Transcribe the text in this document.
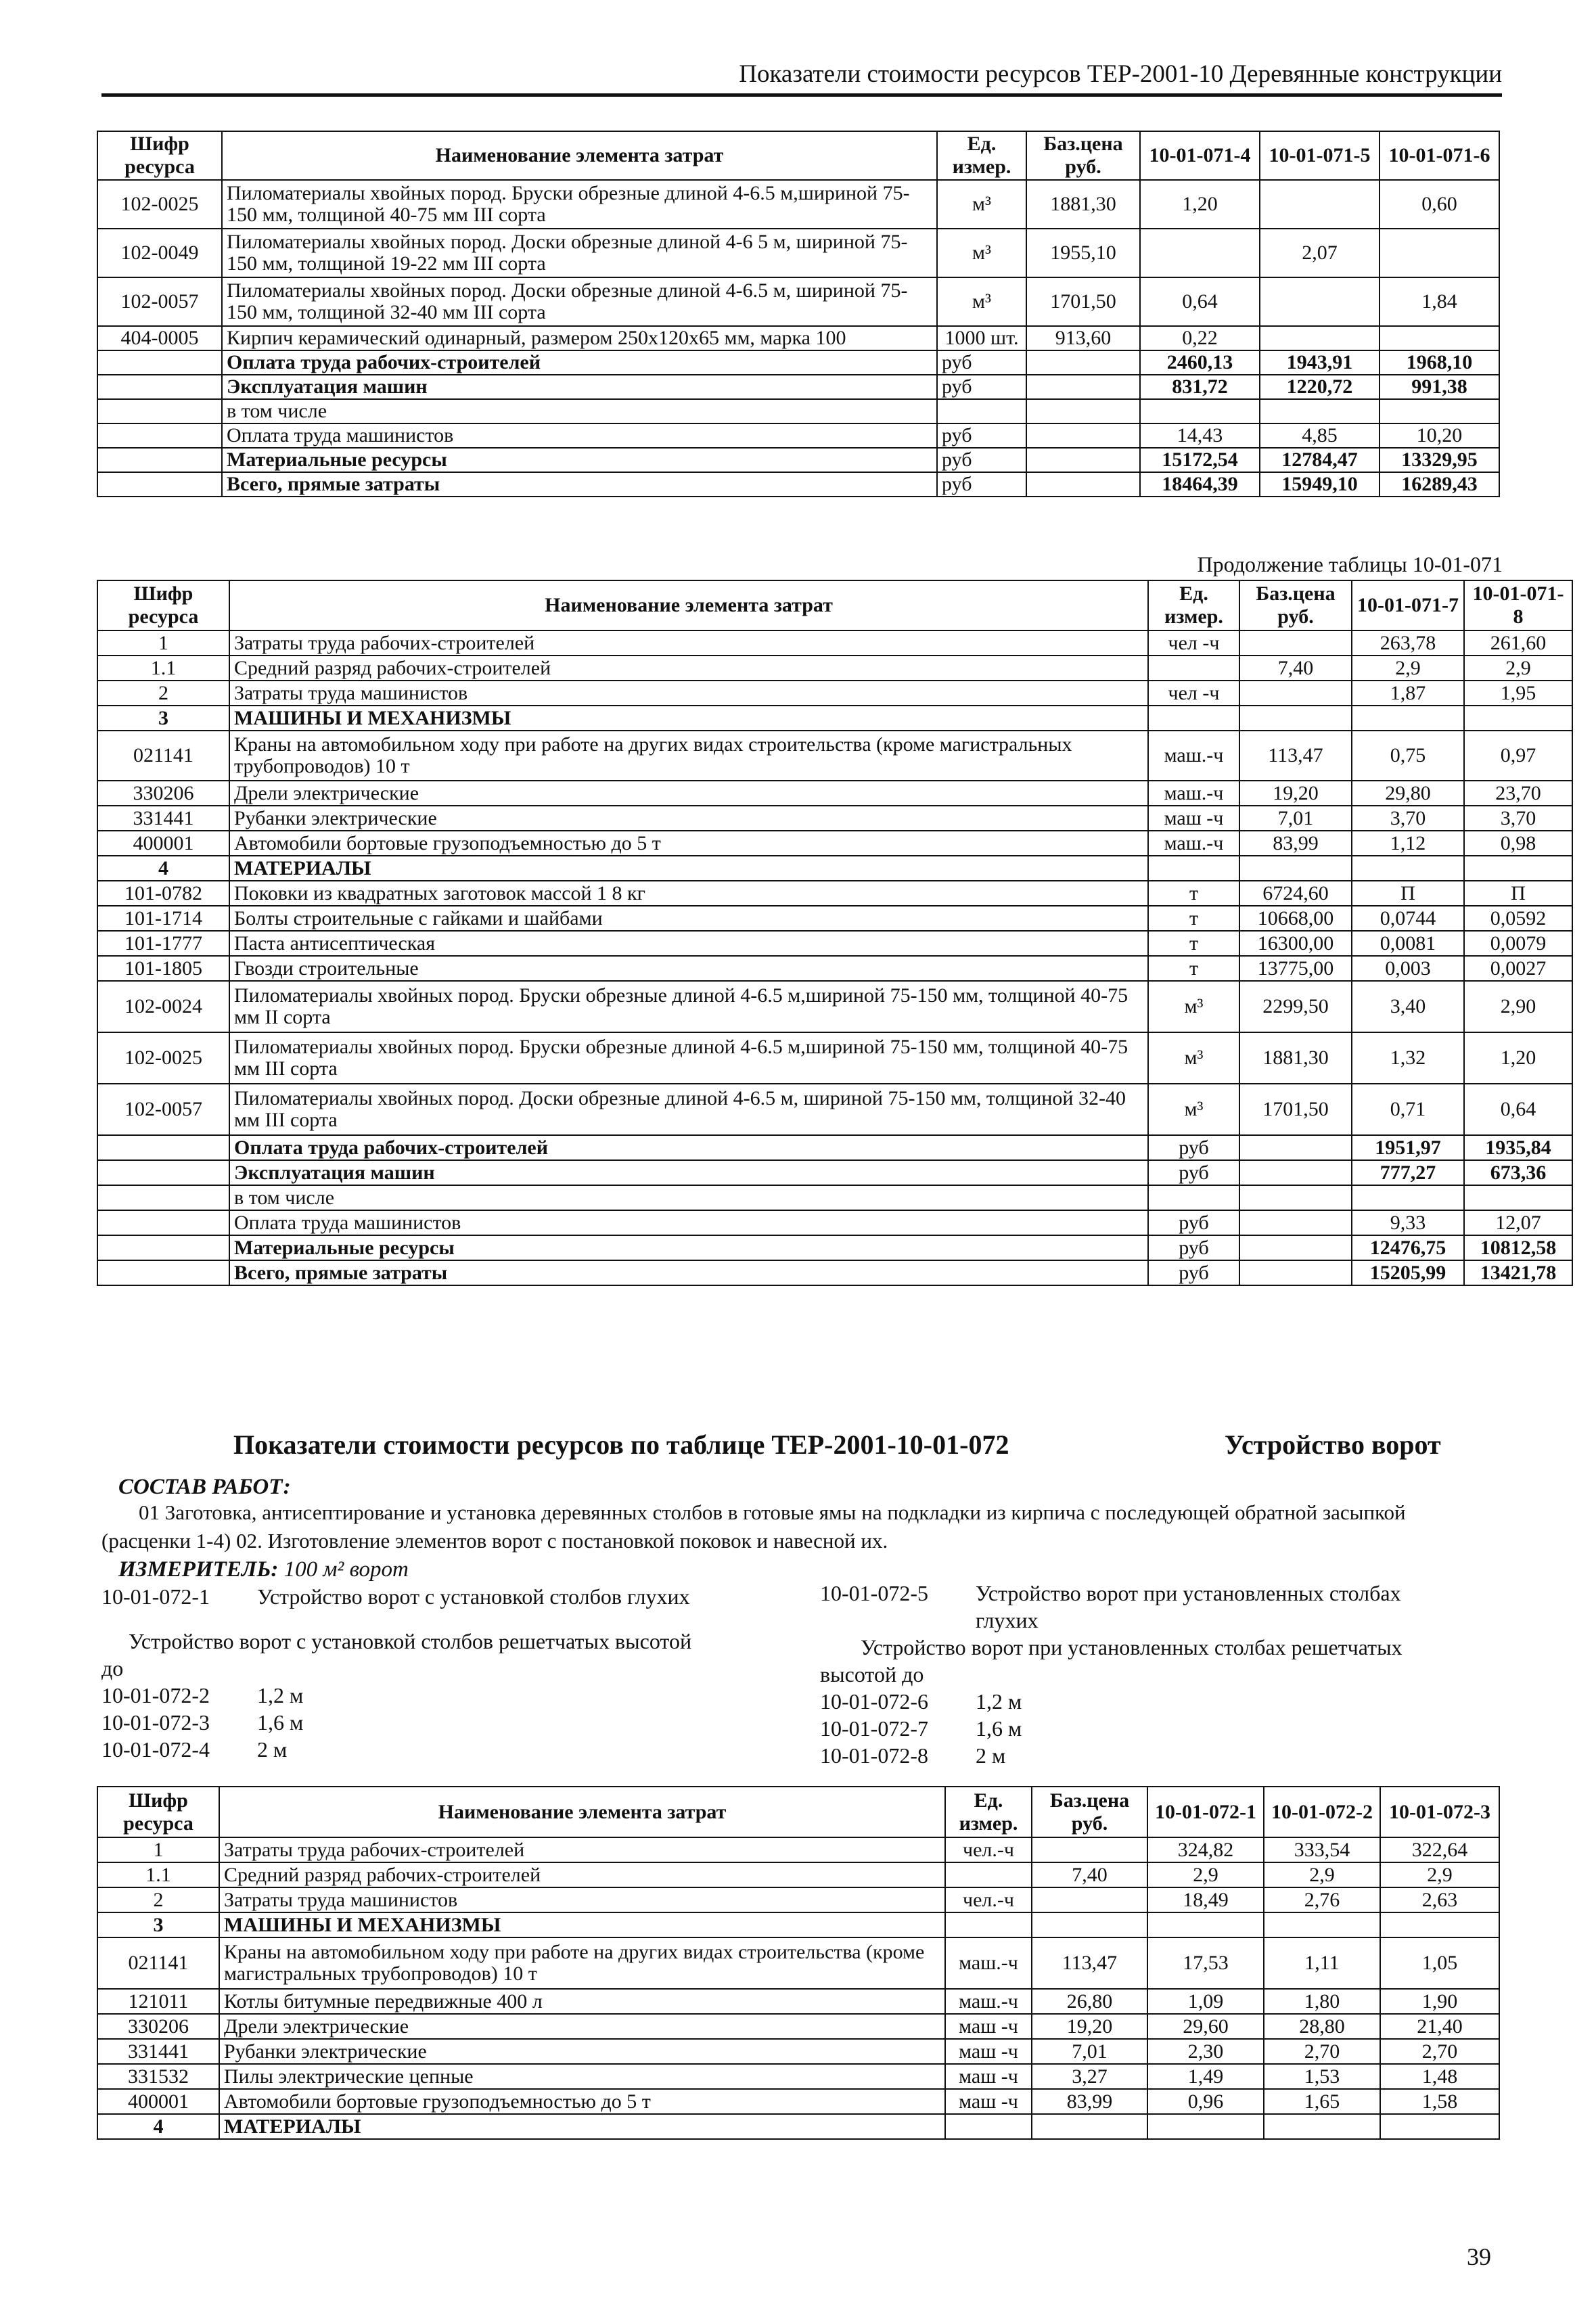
Показатели стоимости ресурсов ТЕР-2001-10 Деревянные конструкции
Шифр ресурса	Наименование элемента затрат	Ед. измер.	Баз.цена руб.	10-01-071-4	10-01-071-5	10-01-071-6
102-0025	Пиломатериалы хвойных пород. Бруски обрезные длиной 4-6.5 м,шириной 75-150 мм, толщиной 40-75 мм III сорта	м³	1881,30	1,20		0,60
102-0049	Пиломатериалы хвойных пород. Доски обрезные длиной 4-6 5 м, шириной 75-150 мм, толщиной 19-22 мм III сорта	м³	1955,10		2,07	
102-0057	Пиломатериалы хвойных пород. Доски обрезные длиной 4-6.5 м, шириной 75-150 мм, толщиной 32-40 мм III сорта	м³	1701,50	0,64		1,84
404-0005	Кирпич керамический одинарный, размером 250x120x65 мм, марка 100	1000 шт.	913,60	0,22		
	Оплата труда рабочих-строителей	руб		2460,13	1943,91	1968,10
	Эксплуатация машин	руб		831,72	1220,72	991,38
	в том числе					
	Оплата труда машинистов	руб		14,43	4,85	10,20
	Материальные ресурсы	руб		15172,54	12784,47	13329,95
	Всего, прямые затраты	руб		18464,39	15949,10	16289,43
Продолжение таблицы 10-01-071
Шифр ресурса	Наименование элемента затрат	Ед. измер.	Баз.цена руб.	10-01-071-7	10-01-071-8
1	Затраты труда рабочих-строителей	чел -ч		263,78	261,60
1.1	Средний разряд рабочих-строителей		7,40	2,9	2,9
2	Затраты труда машинистов	чел -ч		1,87	1,95
3	МАШИНЫ И МЕХАНИЗМЫ				
021141	Краны на автомобильном ходу при работе на других видах строительства (кроме магистральных трубопроводов) 10 т	маш.-ч	113,47	0,75	0,97
330206	Дрели электрические	маш.-ч	19,20	29,80	23,70
331441	Рубанки электрические	маш -ч	7,01	3,70	3,70
400001	Автомобили бортовые грузоподъемностью до 5 т	маш.-ч	83,99	1,12	0,98
4	МАТЕРИАЛЫ				
101-0782	Поковки из квадратных заготовок массой 1 8 кг	т	6724,60	П	П
101-1714	Болты строительные с гайками и шайбами	т	10668,00	0,0744	0,0592
101-1777	Паста антисептическая	т	16300,00	0,0081	0,0079
101-1805	Гвозди строительные	т	13775,00	0,003	0,0027
102-0024	Пиломатериалы хвойных пород. Бруски обрезные длиной 4-6.5 м,шириной 75-150 мм, толщиной 40-75 мм II сорта	м³	2299,50	3,40	2,90
102-0025	Пиломатериалы хвойных пород. Бруски обрезные длиной 4-6.5 м,шириной 75-150 мм, толщиной 40-75 мм III сорта	м³	1881,30	1,32	1,20
102-0057	Пиломатериалы хвойных пород. Доски обрезные длиной 4-6.5 м, шириной 75-150 мм, толщиной 32-40 мм III сорта	м³	1701,50	0,71	0,64
	Оплата труда рабочих-строителей	руб		1951,97	1935,84
	Эксплуатация машин	руб		777,27	673,36
	в том числе				
	Оплата труда машинистов	руб		9,33	12,07
	Материальные ресурсы	руб		12476,75	10812,58
	Всего, прямые затраты	руб		15205,99	13421,78
Показатели стоимости ресурсов по таблице ТЕР-2001-10-01-072	Устройство ворот
СОСТАВ РАБОТ:
01 Заготовка, антисептирование и установка деревянных столбов в готовые ямы на подкладки из кирпича с последующей обратной засыпкой (расценки 1-4) 02. Изготовление элементов ворот с постановкой поковок и навесной их.
ИЗМЕРИТЕЛЬ: 100 м² ворот
10-01-072-1	Устройство ворот с установкой столбов глухих
Устройство ворот с установкой столбов решетчатых высотой до
10-01-072-2	1,2 м
10-01-072-3	1,6 м
10-01-072-4	2 м
10-01-072-5	Устройство ворот при установленных столбах глухих
Устройство ворот при установленных столбах решетчатых высотой до
10-01-072-6	1,2 м
10-01-072-7	1,6 м
10-01-072-8	2 м
Шифр ресурса	Наименование элемента затрат	Ед. измер.	Баз.цена руб.	10-01-072-1	10-01-072-2	10-01-072-3
1	Затраты труда рабочих-строителей	чел.-ч		324,82	333,54	322,64
1.1	Средний разряд рабочих-строителей		7,40	2,9	2,9	2,9
2	Затраты труда машинистов	чел.-ч		18,49	2,76	2,63
3	МАШИНЫ И МЕХАНИЗМЫ					
021141	Краны на автомобильном ходу при работе на других видах строительства (кроме магистральных трубопроводов) 10 т	маш.-ч	113,47	17,53	1,11	1,05
121011	Котлы битумные передвижные 400 л	маш.-ч	26,80	1,09	1,80	1,90
330206	Дрели электрические	маш -ч	19,20	29,60	28,80	21,40
331441	Рубанки электрические	маш -ч	7,01	2,30	2,70	2,70
331532	Пилы электрические цепные	маш -ч	3,27	1,49	1,53	1,48
400001	Автомобили бортовые грузоподъемностью до 5 т	маш -ч	83,99	0,96	1,65	1,58
4	МАТЕРИАЛЫ					
39
